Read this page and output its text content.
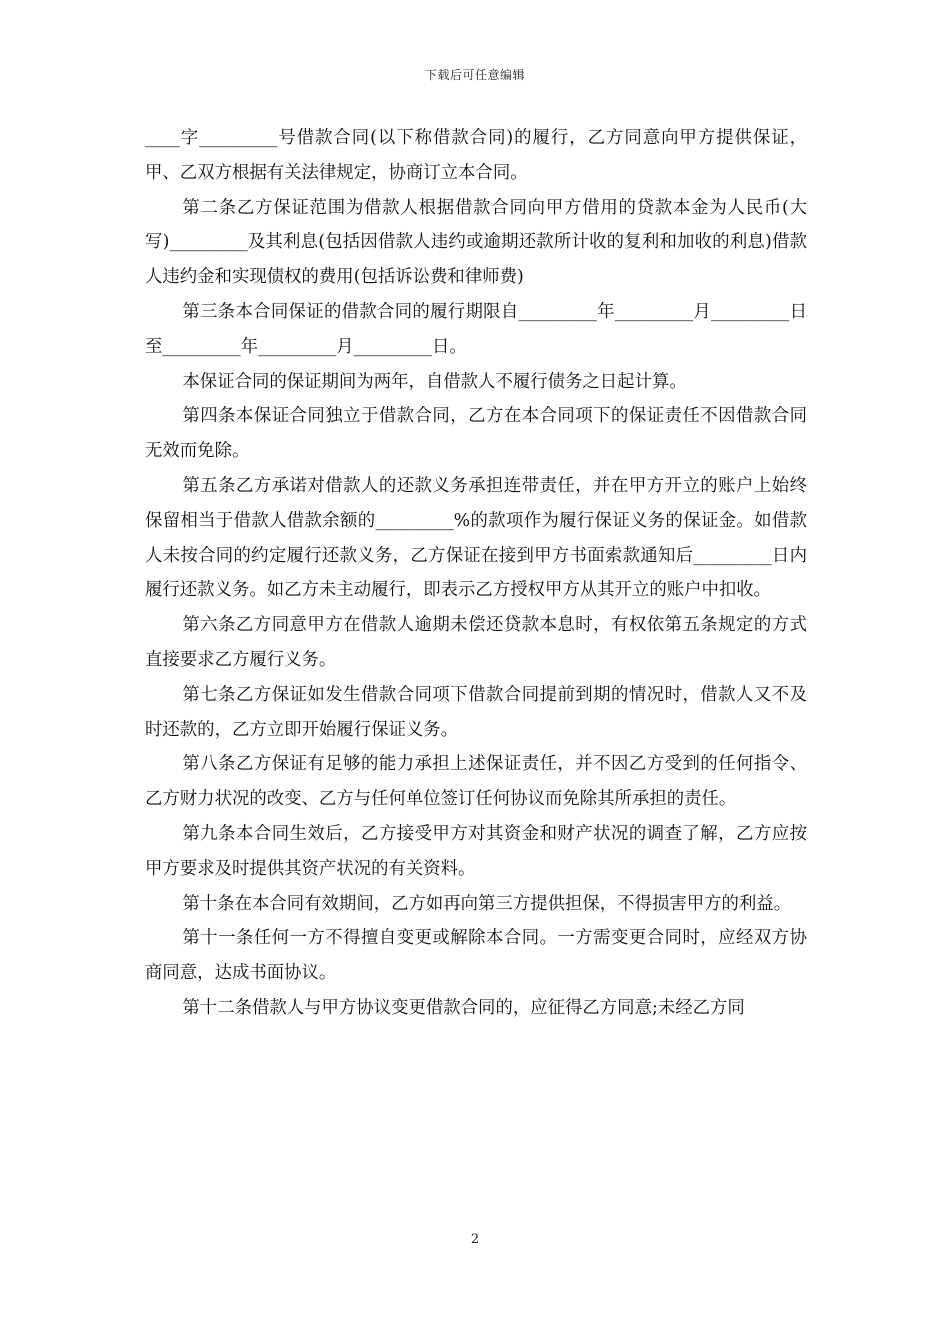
下载后可任意编辑

____字_________号借款合同(以下称借款合同)的履行，乙方同意向甲方提供保证，甲、乙双方根据有关法律规定，协商订立本合同。

第二条乙方保证范围为借款人根据借款合同向甲方借用的贷款本金为人民币(大写)_________及其利息(包括因借款人违约或逾期还款所计收的复利和加收的利息)借款人违约金和实现债权的费用(包括诉讼费和律师费)

第三条本合同保证的借款合同的履行期限自_________年_________月_________日至_________年_________月_________日。

本保证合同的保证期间为两年，自借款人不履行债务之日起计算。

第四条本保证合同独立于借款合同，乙方在本合同项下的保证责任不因借款合同无效而免除。

第五条乙方承诺对借款人的还款义务承担连带责任，并在甲方开立的账户上始终保留相当于借款人借款余额的_________%的款项作为履行保证义务的保证金。如借款人未按合同的约定履行还款义务，乙方保证在接到甲方书面索款通知后_________日内履行还款义务。如乙方未主动履行，即表示乙方授权甲方从其开立的账户中扣收。

第六条乙方同意甲方在借款人逾期未偿还贷款本息时，有权依第五条规定的方式直接要求乙方履行义务。

第七条乙方保证如发生借款合同项下借款合同提前到期的情况时，借款人又不及时还款的，乙方立即开始履行保证义务。

第八条乙方保证有足够的能力承担上述保证责任，并不因乙方受到的任何指令、乙方财力状况的改变、乙方与任何单位签订任何协议而免除其所承担的责任。

第九条本合同生效后，乙方接受甲方对其资金和财产状况的调查了解，乙方应按甲方要求及时提供其资产状况的有关资料。

第十条在本合同有效期间，乙方如再向第三方提供担保，不得损害甲方的利益。

第十一条任何一方不得擅自变更或解除本合同。一方需变更合同时，应经双方协商同意，达成书面协议。

第十二条借款人与甲方协议变更借款合同的，应征得乙方同意;未经乙方同

2
